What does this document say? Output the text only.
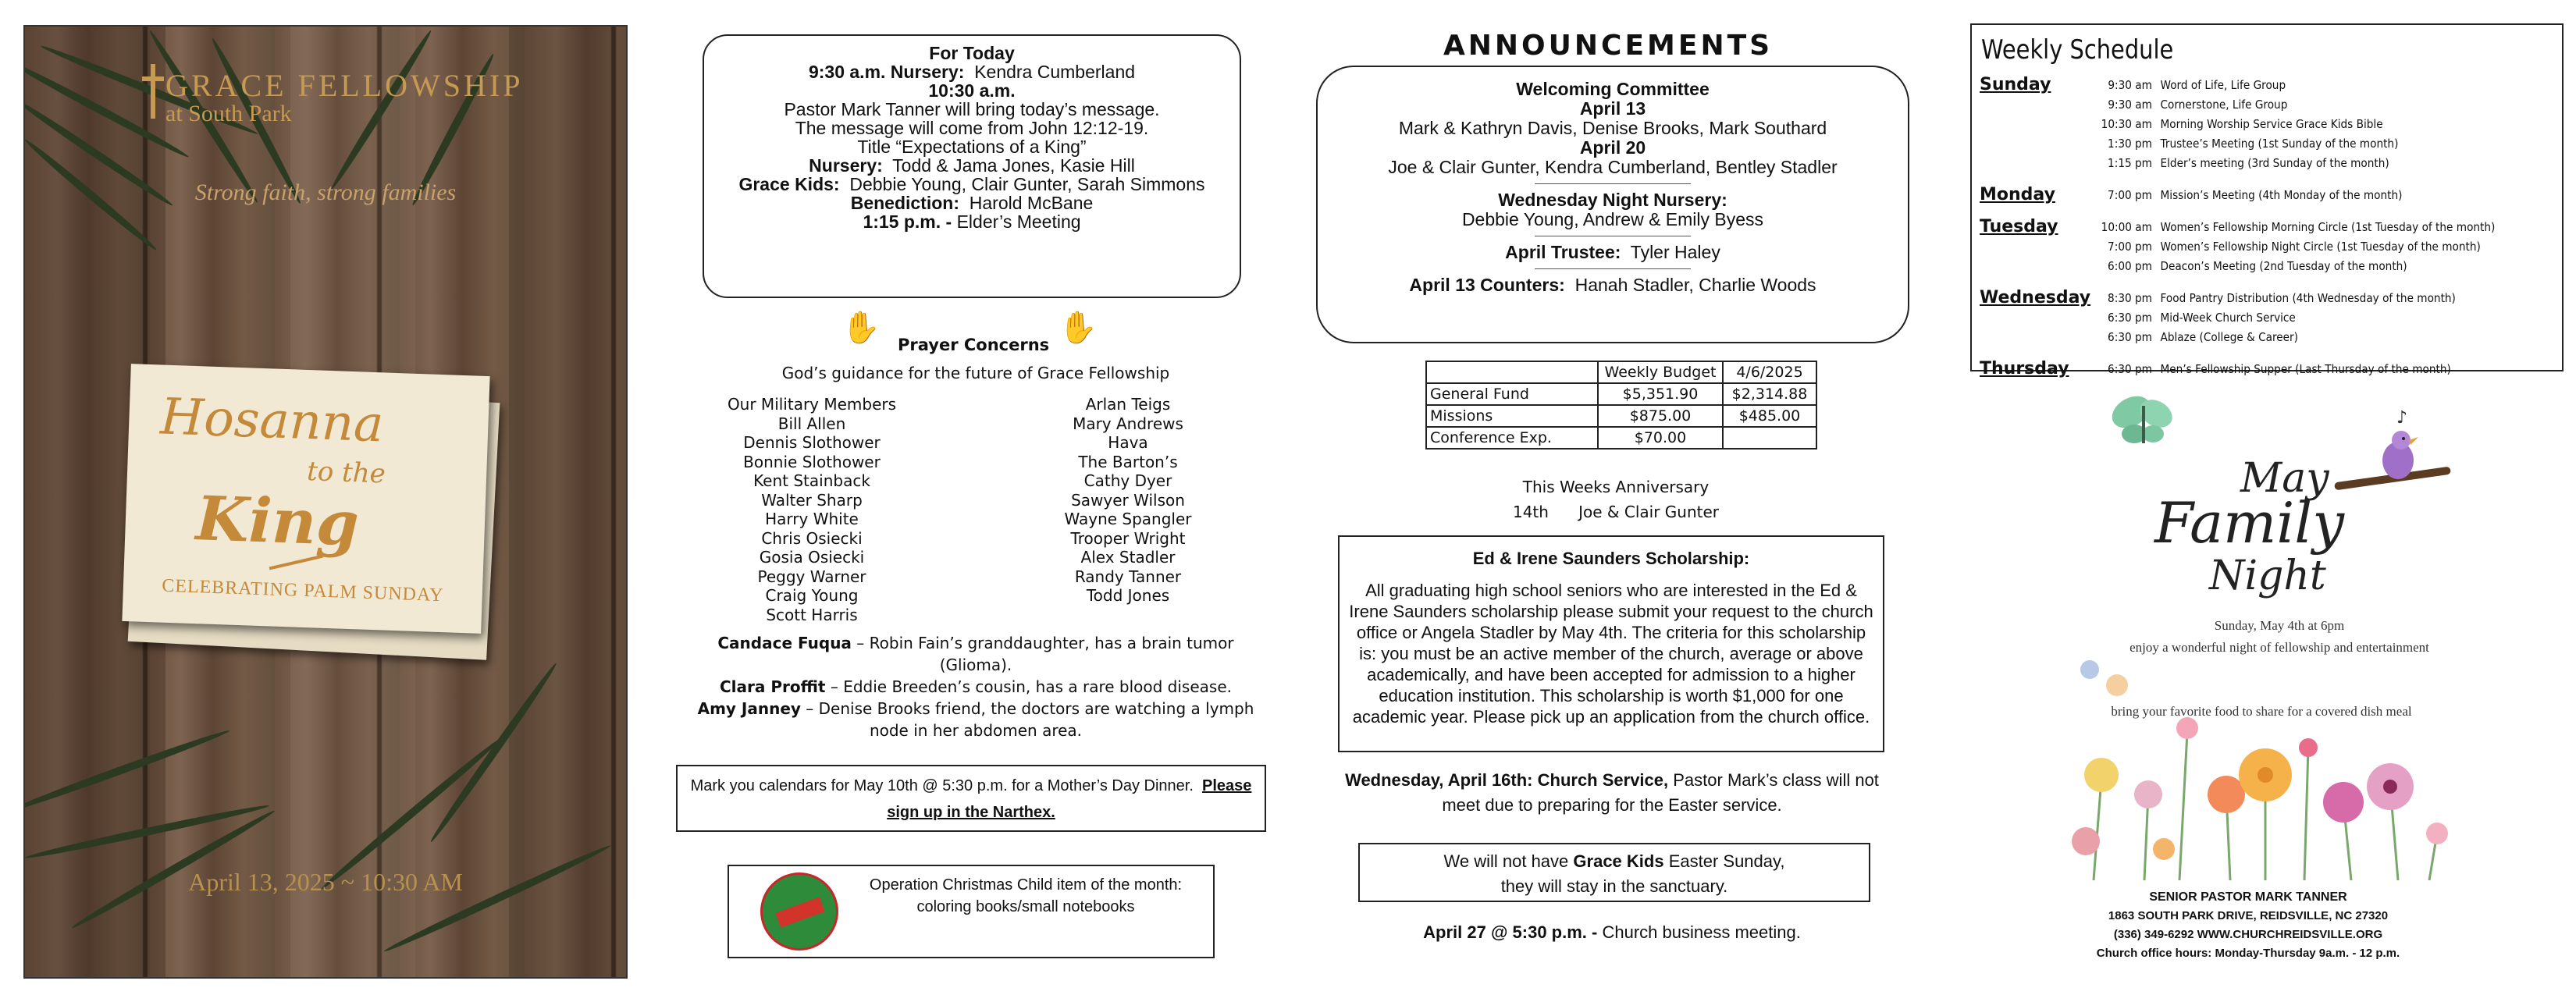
GRACE FELLOWSHIP
at South Park
Strong faith, strong families
Hosanna
to the
King
CELEBRATING PALM SUNDAY
April 13, 2025 ~ 10:30 AM
For Today
9:30 a.m. Nursery: Kendra Cumberland
10:30 a.m.
Pastor Mark Tanner will bring today’s message.
The message will come from John 12:12-19.
Title “Expectations of a King”
Nursery: Todd & Jama Jones, Kasie Hill
Grace Kids: Debbie Young, Clair Gunter, Sarah Simmons
Benediction: Harold McBane
1:15 p.m. - Elder’s Meeting
✋ Prayer Concerns ✋
God’s guidance for the future of Grace Fellowship
Our Military Members
Bill Allen
Dennis Slothower
Bonnie Slothower
Kent Stainback
Walter Sharp
Harry White
Chris Osiecki
Gosia Osiecki
Peggy Warner
Craig Young
Scott Harris
Arlan Teigs
Mary Andrews
Hava
The Barton’s
Cathy Dyer
Sawyer Wilson
Wayne Spangler
Trooper Wright
Alex Stadler
Randy Tanner
Todd Jones
Candace Fuqua – Robin Fain’s granddaughter, has a brain tumor (Glioma).
Clara Proffit – Eddie Breeden’s cousin, has a rare blood disease.
Amy Janney – Denise Brooks friend, the doctors are watching a lymph node in her abdomen area.
Mark you calendars for May 10th @ 5:30 p.m. for a Mother’s Day Dinner. Please sign up in the Narthex.
Operation Christmas Child item of the month:
coloring books/small notebooks
ANNOUNCEMENTS
Welcoming Committee
April 13
Mark & Kathryn Davis, Denise Brooks, Mark Southard
April 20
Joe & Clair Gunter, Kendra Cumberland, Bentley Stadler
Wednesday Night Nursery:
Debbie Young, Andrew & Emily Byess
April Trustee: Tyler Haley
April 13 Counters: Hanah Stadler, Charlie Woods
	Weekly Budget	4/6/2025
General Fund	$5,351.90	$2,314.88
Missions	$875.00	$485.00
Conference Exp.	$70.00	
This Weeks Anniversary
14th Joe & Clair Gunter
Ed & Irene Saunders Scholarship:
All graduating high school seniors who are interested in the Ed & Irene Saunders scholarship please submit your request to the church office or Angela Stadler by May 4th. The criteria for this scholarship is: you must be an active member of the church, average or above academically, and have been accepted for admission to a higher education institution. This scholarship is worth $1,000 for one academic year. Please pick up an application from the church office.
Wednesday, April 16th: Church Service, Pastor Mark’s class will not meet due to preparing for the Easter service.
We will not have Grace Kids Easter Sunday,
they will stay in the sanctuary.
April 27 @ 5:30 p.m. - Church business meeting.
Weekly Schedule
Sunday	9:30 am Word of Life, Life Group
9:30 am Cornerstone, Life Group
10:30 am Morning Worship Service Grace Kids Bible
1:30 pm Trustee’s Meeting (1st Sunday of the month)
1:15 pm Elder’s meeting (3rd Sunday of the month)
Monday	7:00 pm Mission’s Meeting (4th Monday of the month)
Tuesday	10:00 am Women’s Fellowship Morning Circle (1st Tuesday of the month)
7:00 pm Women’s Fellowship Night Circle (1st Tuesday of the month)
6:00 pm Deacon’s Meeting (2nd Tuesday of the month)
Wednesday	8:30 pm Food Pantry Distribution (4th Wednesday of the month)
6:30 pm Mid-Week Church Service
6:30 pm Ablaze (College & Career)
Thursday	6:30 pm Men’s Fellowship Supper (Last Thursday of the month)
♪
May
Family
Night
Sunday, May 4th at 6pm
enjoy a wonderful night of fellowship and entertainment
bring your favorite food to share for a covered dish meal
SENIOR PASTOR MARK TANNER
1863 SOUTH PARK DRIVE, REIDSVILLE, NC 27320
(336) 349-6292 WWW.CHURCHREIDSVILLE.ORG
Church office hours: Monday-Thursday 9a.m. - 12 p.m.
